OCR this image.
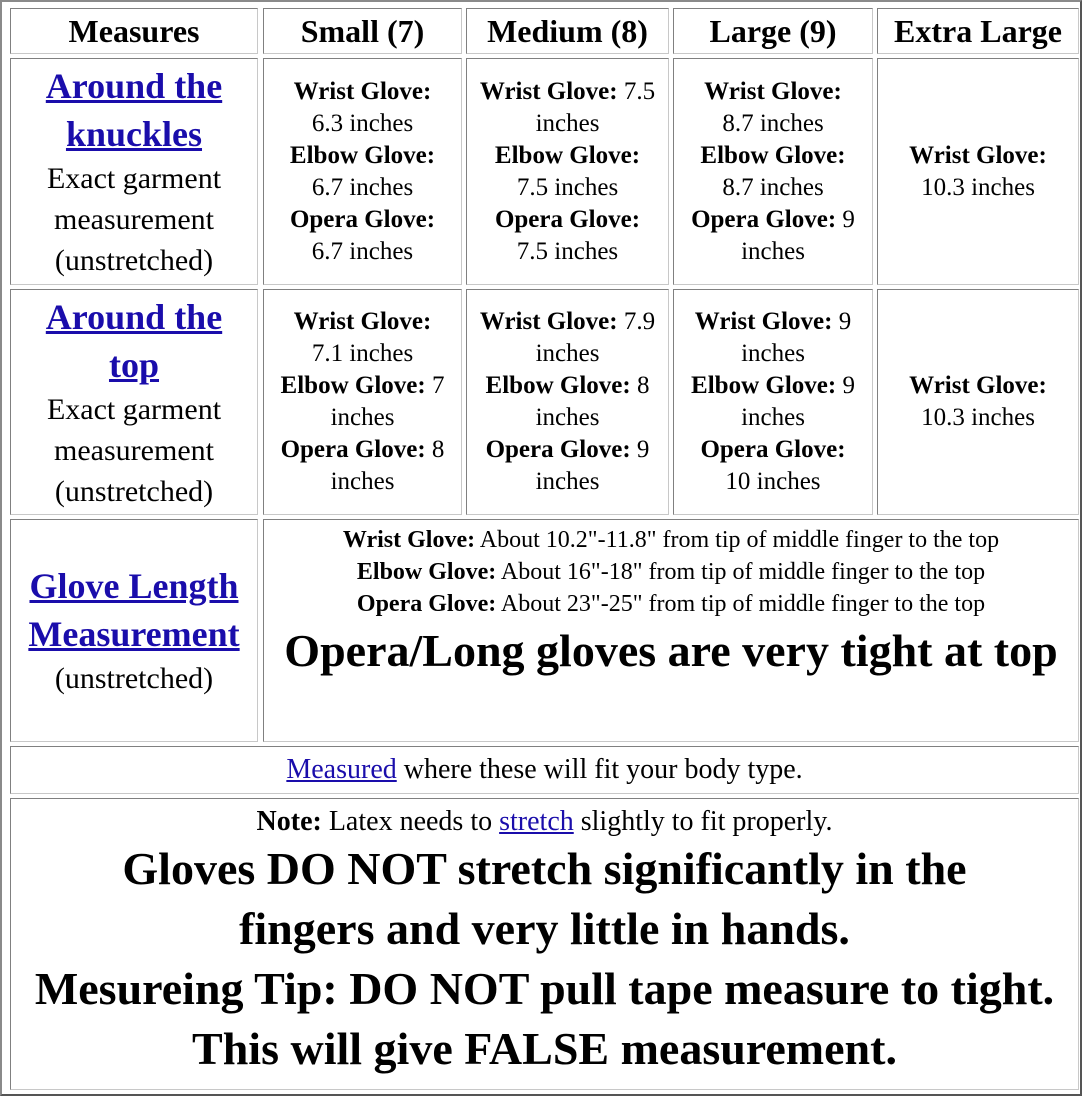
Measures	Small (7) Medium (8) Large (9) Extra Large
Around the
knuckles
Exact garment
measurement
(unstretched)
Wrist Glove:
6.3 inches
Elbow Glove:
6.7 inches
Opera Glove:
6.7 inches
Wrist Glove: 7.5 inches
Elbow Glove:
7.5 inches
Opera Glove:
7.5 inches
Wrist Glove:
8.7 inches
Elbow Glove:
8.7 inches
Opera Glove: 9 inches
Wrist Glove:
10.3 inches
Around the
top
Exact garment
measurement
(unstretched)
Wrist Glove:
7.1 inches
Elbow Glove: 7 inches
Opera Glove: 8 inches
Wrist Glove: 7.9 inches
Elbow Glove: 8 inches
Opera Glove: 9 inches
Wrist Glove: 9 inches
Elbow Glove: 9 inches
Opera Glove:
10 inches
Wrist Glove:
10.3 inches
Glove Length
Measurement
(unstretched)
Wrist Glove: About 10.2"-11.8" from tip of middle finger to the top
Elbow Glove: About 16"-18" from tip of middle finger to the top
Opera Glove: About 23"-25" from tip of middle finger to the top
Opera/Long gloves are very tight at top
Measured where these will fit your body type.
Note: Latex needs to stretch slightly to fit properly.
Gloves DO NOT stretch significantly in the fingers and very little in hands.
Mesureing Tip: DO NOT pull tape measure to tight. This will give FALSE measurement.
